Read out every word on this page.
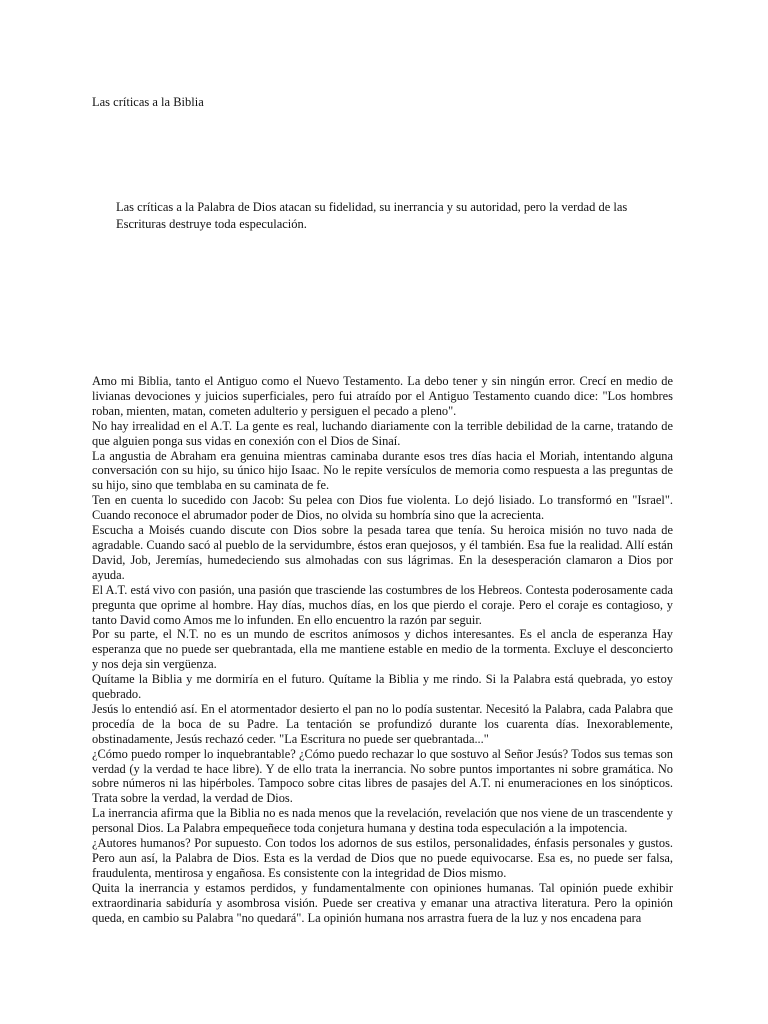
Las críticas a la Biblia

Las críticas a la Palabra de Dios atacan su fidelidad, su inerrancia y su autoridad, pero la verdad de las Escrituras destruye toda especulación.

Amo mi Biblia, tanto el Antiguo como el Nuevo Testamento. La debo tener y sin ningún error. Crecí en medio de livianas devociones y juicios superficiales, pero fui atraído por el Antiguo Testamento cuando dice: "Los hombres roban, mienten, matan, cometen adulterio y persiguen el pecado a pleno".

No hay irrealidad en el A.T. La gente es real, luchando diariamente con la terrible debilidad de la carne, tratando de que alguien ponga sus vidas en conexión con el Dios de Sinaí.

La angustia de Abraham era genuina mientras caminaba durante esos tres días hacia el Moriah, intentando alguna conversación con su hijo, su único hijo Isaac. No le repite versículos de memoria como respuesta a las preguntas de su hijo, sino que temblaba en su caminata de fe.

Ten en cuenta lo sucedido con Jacob: Su pelea con Dios fue violenta. Lo dejó lisiado. Lo transformó en "Israel". Cuando reconoce el abrumador poder de Dios, no olvida su hombría sino que la acrecienta.

Escucha a Moisés cuando discute con Dios sobre la pesada tarea que tenía. Su heroica misión no tuvo nada de agradable. Cuando sacó al pueblo de la servidumbre, éstos eran quejosos, y él también. Esa fue la realidad. Allí están David, Job, Jeremías, humedeciendo sus almohadas con sus lágrimas. En la desesperación clamaron a Dios por ayuda.

El A.T. está vivo con pasión, una pasión que trasciende las costumbres de los Hebreos. Contesta poderosamente cada pregunta que oprime al hombre. Hay días, muchos días, en los que pierdo el coraje. Pero el coraje es contagioso, y tanto David como Amos me lo infunden. En ello encuentro la razón par seguir.

Por su parte, el N.T. no es un mundo de escritos anímosos y dichos interesantes. Es el ancla de esperanza Hay esperanza que no puede ser quebrantada, ella me mantiene estable en medio de la tormenta. Excluye el desconcierto y nos deja sin vergüenza.

Quítame la Biblia y me dormiría en el futuro. Quítame la Biblia y me rindo. Si la Palabra está quebrada, yo estoy quebrado.

Jesús lo entendió así. En el atormentador desierto el pan no lo podía sustentar. Necesitó la Palabra, cada Palabra que procedía de la boca de su Padre. La tentación se profundizó durante los cuarenta días. Inexorablemente, obstinadamente, Jesús rechazó ceder. "La Escritura no puede ser quebrantada..."

¿Cómo puedo romper lo inquebrantable? ¿Cómo puedo rechazar lo que sostuvo al Señor Jesús? Todos sus temas son verdad (y la verdad te hace libre). Y de ello trata la inerrancia. No sobre puntos importantes ni sobre gramática. No sobre números ni las hipérboles. Tampoco sobre citas libres de pasajes del A.T. ni enumeraciones en los sinópticos. Trata sobre la verdad, la verdad de Dios.

La inerrancia afirma que la Biblia no es nada menos que la revelación, revelación que nos viene de un trascendente y personal Dios. La Palabra empequeñece toda conjetura humana y destina toda especulación a la impotencia.

¿Autores humanos? Por supuesto. Con todos los adornos de sus estilos, personalidades, énfasis personales y gustos. Pero aun así, la Palabra de Dios. Esta es la verdad de Dios que no puede equivocarse. Esa es, no puede ser falsa, fraudulenta, mentirosa y engañosa. Es consistente con la integridad de Dios mismo.

Quita la inerrancia y estamos perdidos, y fundamentalmente con opiniones humanas. Tal opinión puede exhibir extraordinaria sabiduría y asombrosa visión. Puede ser creativa y emanar una atractiva literatura. Pero la opinión queda, en cambio su Palabra "no quedará". La opinión humana nos arrastra fuera de la luz y nos encadena para
